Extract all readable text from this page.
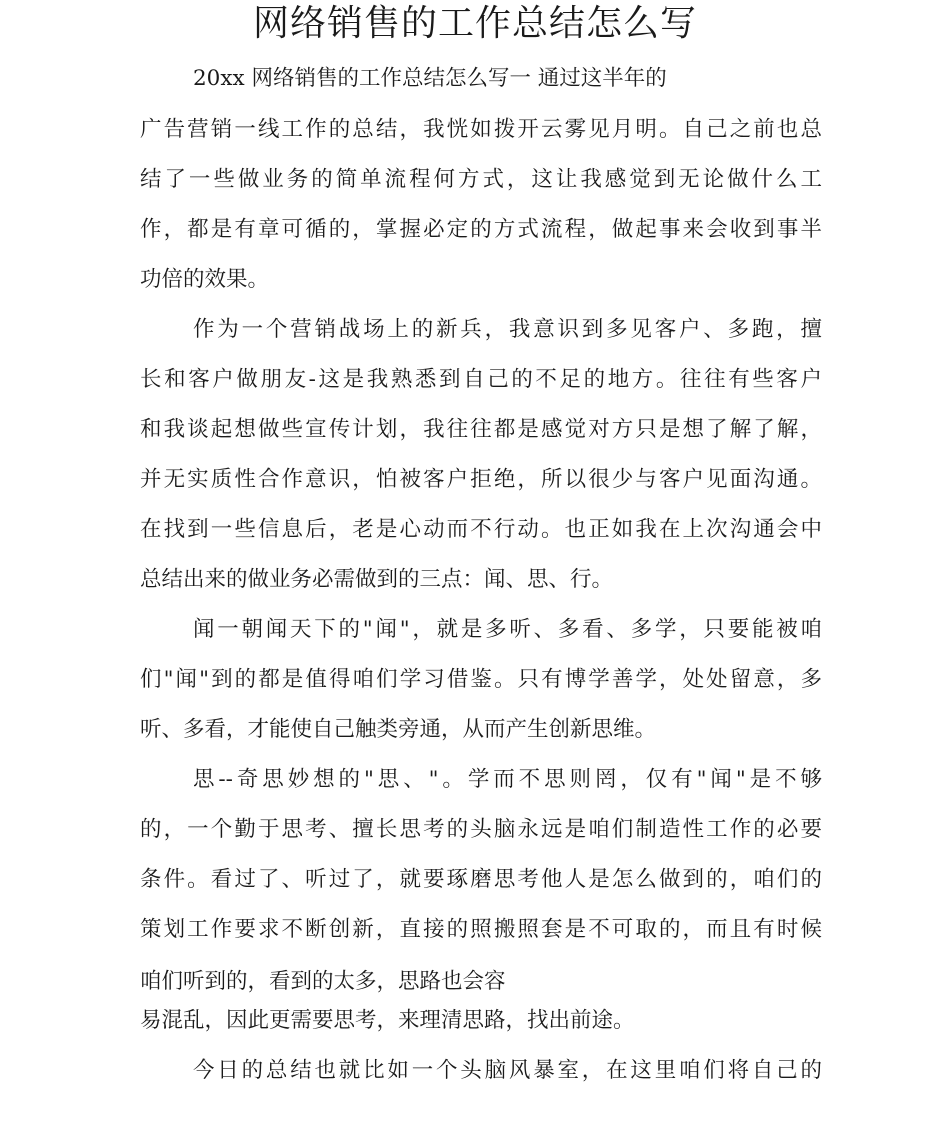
网络销售的工作总结怎么写
20xx 网络销售的工作总结怎么写一 通过这半年的
广告营销一线工作的总结，我恍如拨开云雾见月明。自己之前也总
结了一些做业务的简单流程何方式，这让我感觉到无论做什么工
作，都是有章可循的，掌握必定的方式流程，做起事来会收到事半
功倍的效果。
作为一个营销战场上的新兵，我意识到多见客户、多跑，擅
长和客户做朋友-这是我熟悉到自己的不足的地方。往往有些客户
和我谈起想做些宣传计划，我往往都是感觉对方只是想了解了解，
并无实质性合作意识，怕被客户拒绝，所以很少与客户见面沟通。
在找到一些信息后，老是心动而不行动。也正如我在上次沟通会中
总结出来的做业务必需做到的三点：闻、思、行。
闻一朝闻天下的"闻"，就是多听、多看、多学，只要能被咱
们"闻"到的都是值得咱们学习借鉴。只有博学善学，处处留意，多
听、多看，才能使自己触类旁通，从而产生创新思维。
思--奇思妙想的"思、"。学而不思则罔，仅有"闻"是不够
的，一个勤于思考、擅长思考的头脑永远是咱们制造性工作的必要
条件。看过了、听过了，就要琢磨思考他人是怎么做到的，咱们的
策划工作要求不断创新，直接的照搬照套是不可取的，而且有时候
咱们听到的，看到的太多，思路也会容
易混乱，因此更需要思考，来理清思路，找出前途。
今日的总结也就比如一个头脑风暴室，在这里咱们将自己的
